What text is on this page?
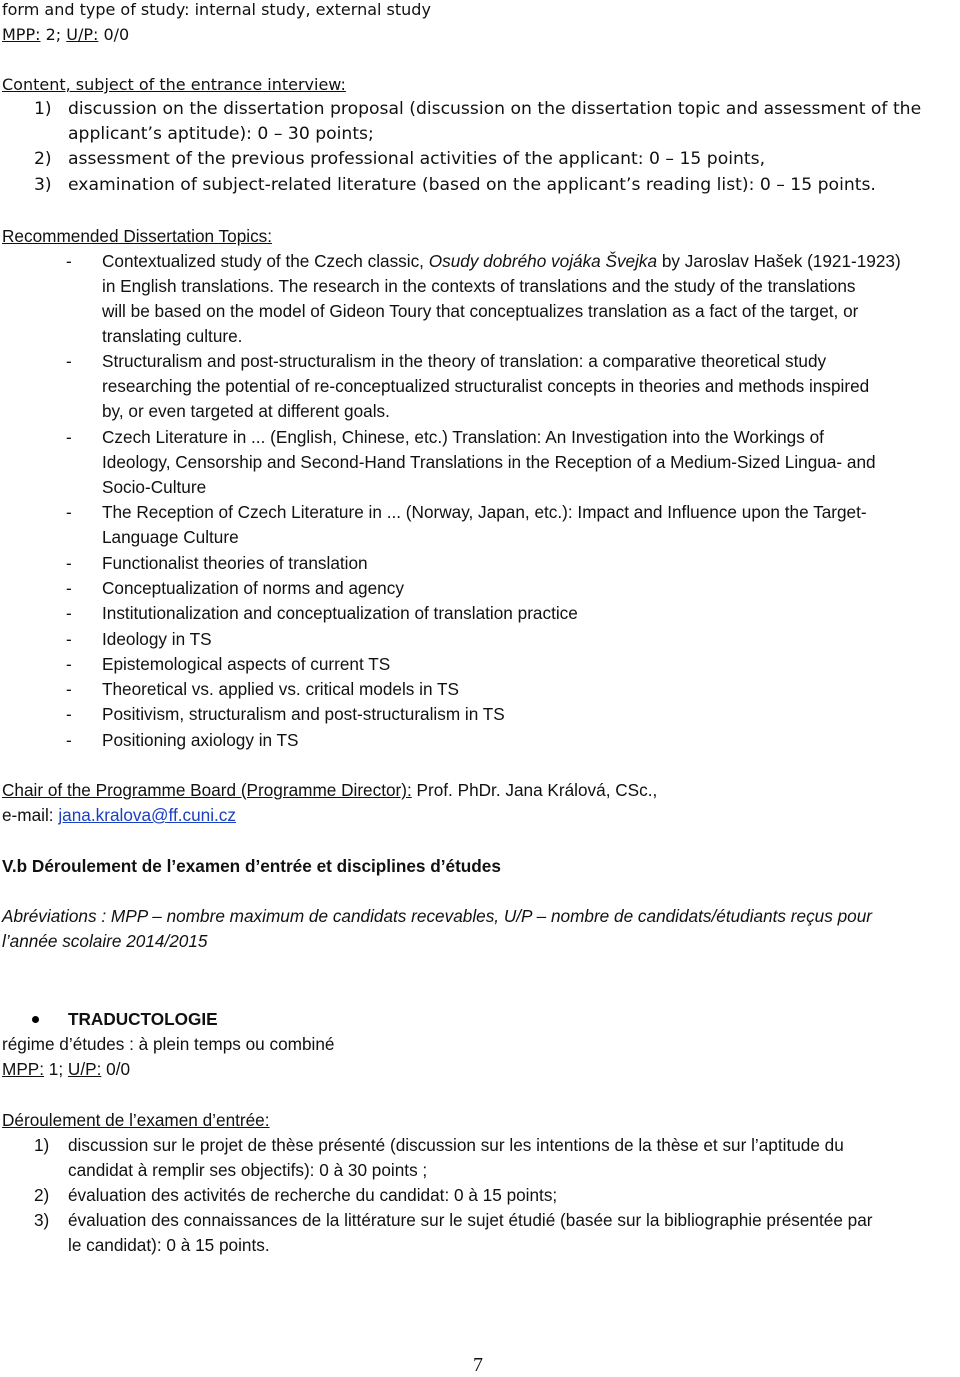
form and type of study: internal study, external study
MPP: 2; U/P: 0/0
Content, subject of the entrance interview:
1) discussion on the dissertation proposal (discussion on the dissertation topic and assessment of the
applicant’s aptitude): 0 – 30 points;
2) assessment of the previous professional activities of the applicant: 0 – 15 points,
3) examination of subject-related literature (based on the applicant’s reading list): 0 – 15 points.
Recommended Dissertation Topics:
- Contextualized study of the Czech classic, Osudy dobrého vojáka Švejka by Jaroslav Hašek (1921-1923)
in English translations. The research in the contexts of translations and the study of the translations
will be based on the model of Gideon Toury that conceptualizes translation as a fact of the target, or
translating culture.
- Structuralism and post-structuralism in the theory of translation: a comparative theoretical study
researching the potential of re-conceptualized structuralist concepts in theories and methods inspired
by, or even targeted at different goals.
- Czech Literature in ... (English, Chinese, etc.) Translation: An Investigation into the Workings of
Ideology, Censorship and Second-Hand Translations in the Reception of a Medium-Sized Lingua- and
Socio-Culture
- The Reception of Czech Literature in ... (Norway, Japan, etc.): Impact and Influence upon the Target-
Language Culture
- Functionalist theories of translation
- Conceptualization of norms and agency
- Institutionalization and conceptualization of translation practice
- Ideology in TS
- Epistemological aspects of current TS
- Theoretical vs. applied vs. critical models in TS
- Positivism, structuralism and post-structuralism in TS
- Positioning axiology in TS
Chair of the Programme Board (Programme Director): Prof. PhDr. Jana Králová, CSc.,
e-mail: jana.kralova@ff.cuni.cz
V.b Déroulement de l’examen d’entrée et disciplines d’études
Abréviations : MPP – nombre maximum de candidats recevables, U/P – nombre de candidats/étudiants reçus pour
l’année scolaire 2014/2015
TRADUCTOLOGIE
régime d’études : à plein temps ou combiné
MPP: 1; U/P: 0/0
Déroulement de l’examen d’entrée:
1) discussion sur le projet de thèse présenté (discussion sur les intentions de la thèse et sur l’aptitude du
candidat à remplir ses objectifs): 0 à 30 points ;
2) évaluation des activités de recherche du candidat: 0 à 15 points;
3) évaluation des connaissances de la littérature sur le sujet étudié (basée sur la bibliographie présentée par
le candidat): 0 à 15 points.
7
